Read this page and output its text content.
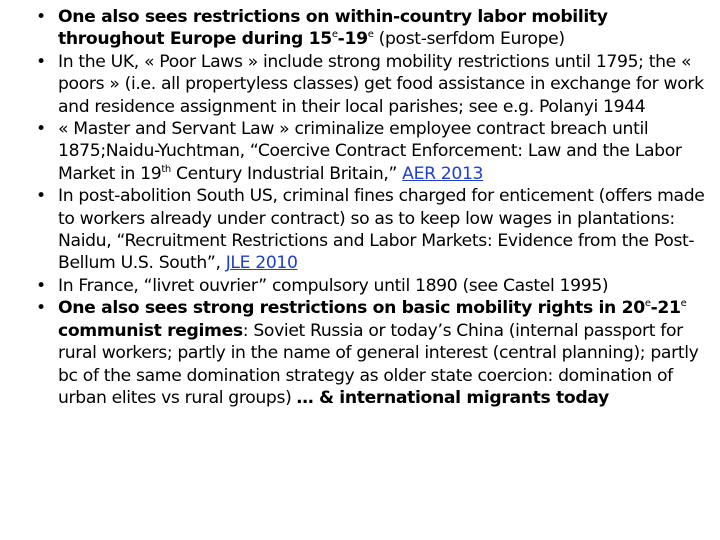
• One also sees restrictions on within-country labor mobility throughout Europe during 15e-19e (post-serfdom Europe)
• In the UK, « Poor Laws » include strong mobility restrictions until 1795; the « poors » (i.e. all propertyless classes) get food assistance in exchange for work and residence assignment in their local parishes; see e.g. Polanyi 1944
• « Master and Servant Law » criminalize employee contract breach until 1875;Naidu-Yuchtman, “Coercive Contract Enforcement: Law and the Labor Market in 19th Century Industrial Britain,” AER 2013
• In post-abolition South US, criminal fines charged for enticement (offers made to workers already under contract) so as to keep low wages in plantations: Naidu, “Recruitment Restrictions and Labor Markets: Evidence from the Post-Bellum U.S. South”, JLE 2010
• In France, “livret ouvrier” compulsory until 1890 (see Castel 1995)
• One also sees strong restrictions on basic mobility rights in 20e-21e communist regimes: Soviet Russia or today’s China (internal passport for rural workers; partly in the name of general interest (central planning); partly bc of the same domination strategy as older state coercion: domination of urban elites vs rural groups) … & international migrants today
